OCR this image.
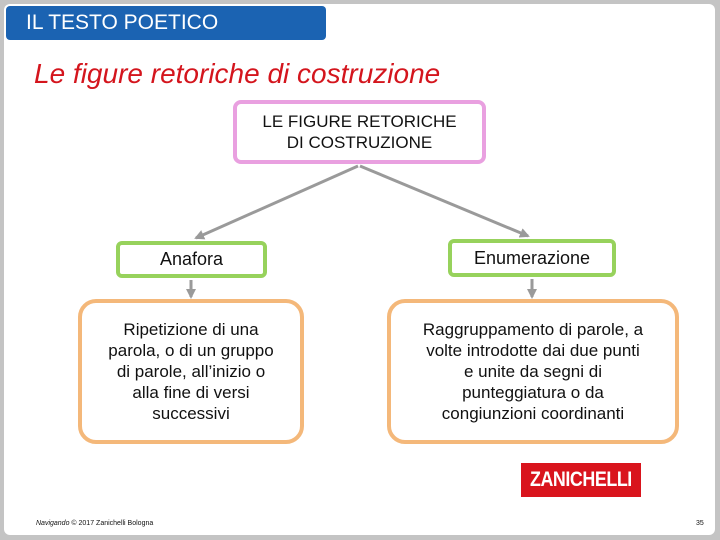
IL TESTO POETICO
Le figure retoriche di costruzione
LE FIGURE RETORICHE
DI COSTRUZIONE
Anafora	Enumerazione
Ripetizione di una
parola, o di un gruppo
di parole, all’inizio o
alla fine di versi
successivi
Raggruppamento di parole, a
volte introdotte dai due punti
e unite da segni di
punteggiatura o da
congiunzioni coordinanti
ZANICHELLI
Navigando © 2017 Zanichelli Bologna	35
